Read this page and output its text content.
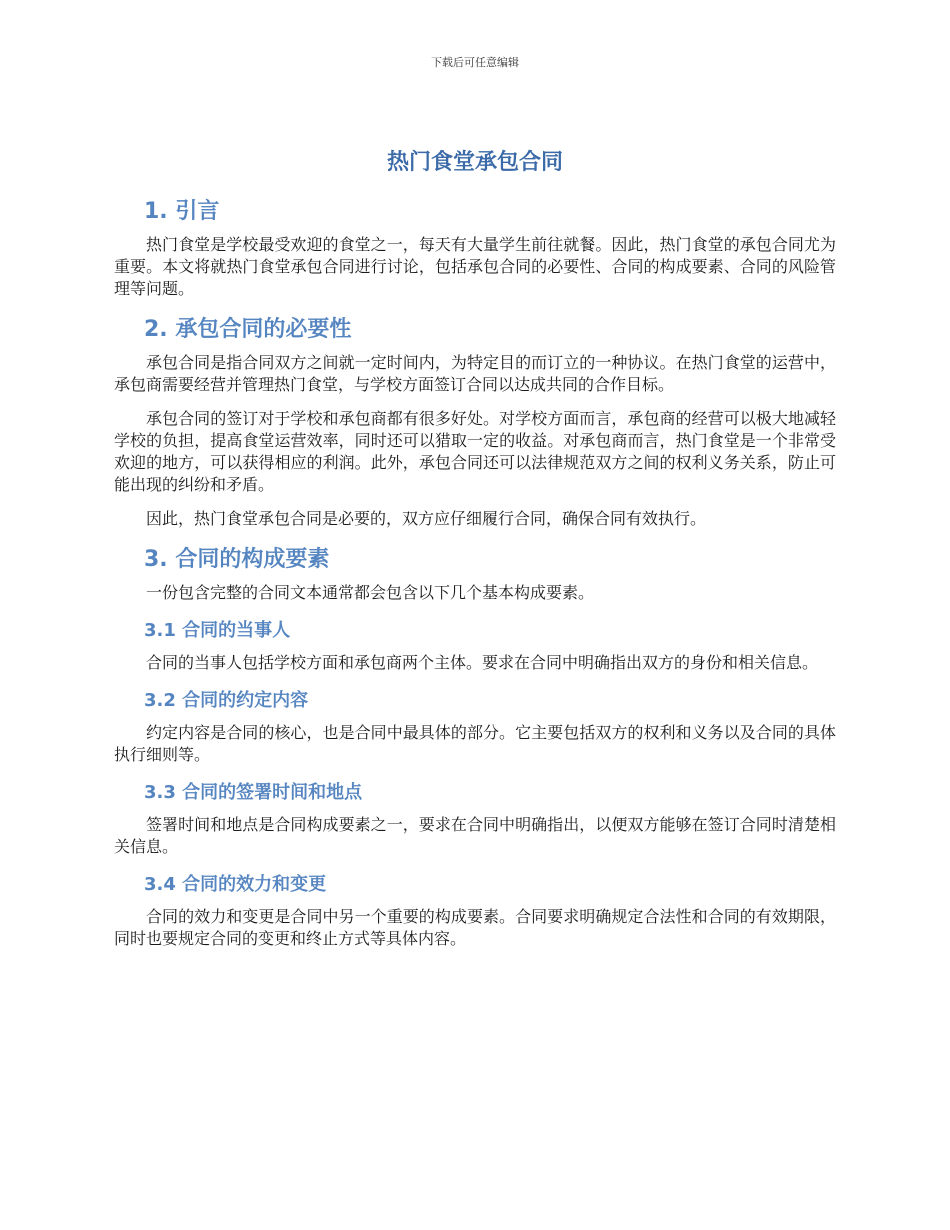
下载后可任意编辑
热门食堂承包合同
1. 引言

热门食堂是学校最受欢迎的食堂之一，每天有大量学生前往就餐。因此，热门食堂的承包合同尤为重要。本文将就热门食堂承包合同进行讨论，包括承包合同的必要性、合同的构成要素、合同的风险管理等问题。

2. 承包合同的必要性

承包合同是指合同双方之间就一定时间内，为特定目的而订立的一种协议。在热门食堂的运营中，承包商需要经营并管理热门食堂，与学校方面签订合同以达成共同的合作目标。

承包合同的签订对于学校和承包商都有很多好处。对学校方面而言，承包商的经营可以极大地减轻学校的负担，提高食堂运营效率，同时还可以猎取一定的收益。对承包商而言，热门食堂是一个非常受欢迎的地方，可以获得相应的利润。此外，承包合同还可以法律规范双方之间的权利义务关系，防止可能出现的纠纷和矛盾。

因此，热门食堂承包合同是必要的，双方应仔细履行合同，确保合同有效执行。

3. 合同的构成要素

一份包含完整的合同文本通常都会包含以下几个基本构成要素。

3.1 合同的当事人

合同的当事人包括学校方面和承包商两个主体。要求在合同中明确指出双方的身份和相关信息。

3.2 合同的约定内容

约定内容是合同的核心，也是合同中最具体的部分。它主要包括双方的权利和义务以及合同的具体执行细则等。

3.3 合同的签署时间和地点

签署时间和地点是合同构成要素之一，要求在合同中明确指出，以便双方能够在签订合同时清楚相关信息。

3.4 合同的效力和变更

合同的效力和变更是合同中另一个重要的构成要素。合同要求明确规定合法性和合同的有效期限，同时也要规定合同的变更和终止方式等具体内容。
